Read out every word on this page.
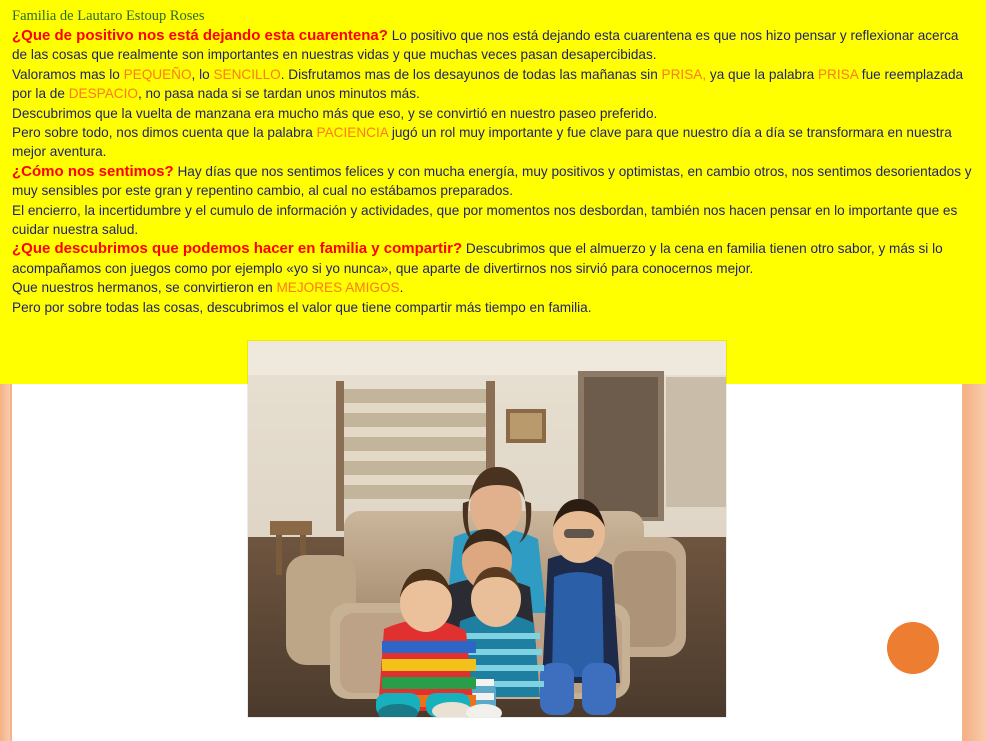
Familia de Lautaro Estoup Roses

¿Que de positivo nos está dejando esta cuarentena? Lo positivo que nos está dejando esta cuarentena es que nos hizo pensar y reflexionar acerca de las cosas que realmente son importantes en nuestras vidas y que muchas veces pasan desapercibidas.

Valoramos mas lo PEQUEÑO, lo SENCILLO. Disfrutamos mas de los desayunos de todas las mañanas sin PRISA, ya que la palabra PRISA fue reemplazada por la de DESPACIO, no pasa nada si se tardan unos minutos más.

Descubrimos que la vuelta de manzana era mucho más que eso, y se convirtió en nuestro paseo preferido.

Pero sobre todo, nos dimos cuenta que la palabra PACIENCIA jugó un rol muy importante y fue clave para que nuestro día a día se transformara en nuestra mejor aventura.

¿Cómo nos sentimos? Hay días que nos sentimos felices y con mucha energía, muy positivos y optimistas, en cambio otros, nos sentimos desorientados y muy sensibles por este gran y repentino cambio, al cual no estábamos preparados.

El encierro, la incertidumbre y el cumulo de información y actividades, que por momentos nos desbordan, también nos hacen pensar en lo importante que es cuidar nuestra salud.

¿Que descubrimos que podemos hacer en familia y compartir? Descubrimos que el almuerzo y la cena en familia tienen otro sabor, y más si lo acompañamos con juegos como por ejemplo «yo si yo nunca», que aparte de divertirnos nos sirvió para conocernos mejor.

Que nuestros hermanos, se convirtieron en MEJORES AMIGOS.

Pero por sobre todas las cosas, descubrimos el valor que tiene compartir más tiempo en familia.
